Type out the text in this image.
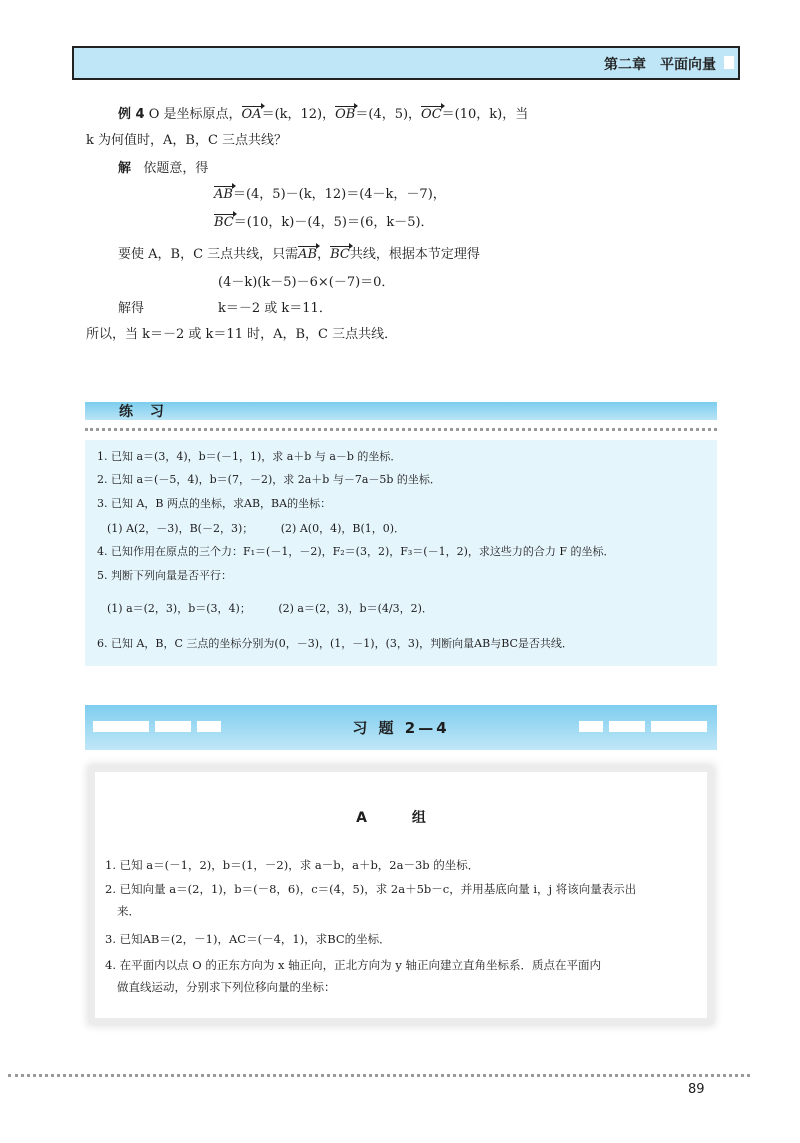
第二章　平面向量
例 4 O 是坐标原点，OA＝(k，12)，OB＝(4，5)，OC＝(10，k)，当
k 为何值时，A，B，C 三点共线？
解 依题意，得
AB＝(4，5)－(k，12)＝(4－k，－7)，
BC＝(10，k)－(4，5)＝(6，k－5)．
要使 A，B，C 三点共线，只需AB，BC共线，根据本节定理得
(4－k)(k－5)－6×(－7)＝0．
解得	k＝－2 或 k＝11．
所以，当 k＝－2 或 k＝11 时，A，B，C 三点共线．
练 习
1. 已知 a＝(3，4)，b＝(－1，1)，求 a＋b 与 a－b 的坐标．
2. 已知 a＝(－5，4)，b＝(7，－2)，求 2a＋b 与－7a－5b 的坐标．
3. 已知 A，B 两点的坐标，求AB，BA的坐标：
(1) A(2，－3)，B(－2，3)；　　　(2) A(0，4)，B(1，0)．
4. 已知作用在原点的三个力：F₁＝(－1，－2)，F₂＝(3，2)，F₃＝(－1，2)，求这些力的合力 F 的坐标．
5. 判断下列向量是否平行：
(1) a＝(2，3)，b＝(3，4)；　　　(2) a＝(2，3)，b＝(4/3，2)．
6. 已知 A，B，C 三点的坐标分别为(0，－3)，(1，－1)，(3，3)，判断向量AB与BC是否共线．
习 题 2—4
A 组
1. 已知 a＝(－1，2)，b＝(1，－2)，求 a－b，a＋b，2a－3b 的坐标．
2. 已知向量 a＝(2，1)，b＝(－8，6)，c＝(4，5)，求 2a＋5b－c，并用基底向量 i，j 将该向量表示出
来．
3. 已知AB＝(2，－1)，AC＝(－4，1)，求BC的坐标．
4. 在平面内以点 O 的正东方向为 x 轴正向，正北方向为 y 轴正向建立直角坐标系．质点在平面内
做直线运动，分别求下列位移向量的坐标：
89
